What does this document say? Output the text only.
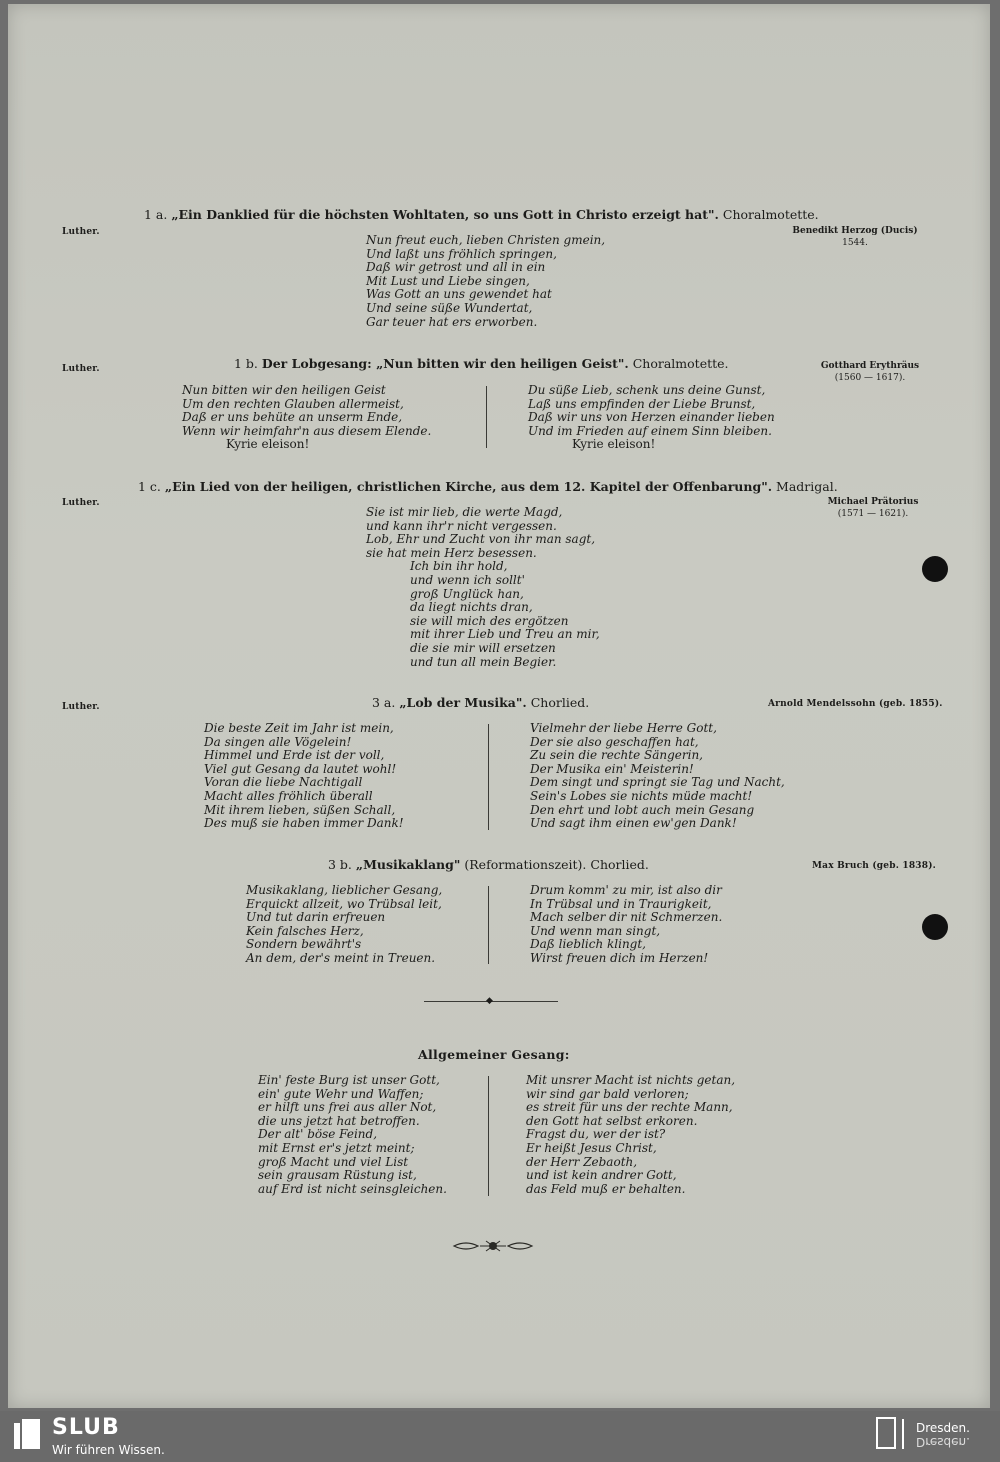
Luther.
1 a. „Ein Danklied für die höchsten Wohltaten, so uns Gott in Christo erzeigt hat". Choralmotette.
Benedikt Herzog (Ducis)
1544.
Nun freut euch, lieben Christen gmein,
Und laßt uns fröhlich springen,
Daß wir getrost und all in ein
Mit Lust und Liebe singen,
Was Gott an uns gewendet hat
Und seine süße Wundertat,
Gar teuer hat ers erworben.
Luther.	1 b. Der Lobgesang: „Nun bitten wir den heiligen Geist". Choralmotette.	Gotthard Erythräus
(1560 — 1617).
Nun bitten wir den heiligen Geist
Um den rechten Glauben allermeist,
Daß er uns behüte an unserm Ende,
Wenn wir heimfahr'n aus diesem Elende.
Kyrie eleison!
Du süße Lieb, schenk uns deine Gunst,
Laß uns empfinden der Liebe Brunst,
Daß wir uns von Herzen einander lieben
Und im Frieden auf einem Sinn bleiben.
Kyrie eleison!
Luther.
1 c. „Ein Lied von der heiligen, christlichen Kirche, aus dem 12. Kapitel der Offenbarung". Madrigal.
Michael Prätorius
(1571 — 1621).
Sie ist mir lieb, die werte Magd,
und kann ihr'r nicht vergessen.
Lob, Ehr und Zucht von ihr man sagt,
sie hat mein Herz besessen.
Ich bin ihr hold,
und wenn ich sollt'
groß Unglück han,
da liegt nichts dran,
sie will mich des ergötzen
mit ihrer Lieb und Treu an mir,
die sie mir will ersetzen
und tun all mein Begier.
Luther.	3 a. „Lob der Musika". Chorlied.	Arnold Mendelssohn (geb. 1855).
Die beste Zeit im Jahr ist mein,
Da singen alle Vögelein!
Himmel und Erde ist der voll,
Viel gut Gesang da lautet wohl!
Voran die liebe Nachtigall
Macht alles fröhlich überall
Mit ihrem lieben, süßen Schall,
Des muß sie haben immer Dank!
Vielmehr der liebe Herre Gott,
Der sie also geschaffen hat,
Zu sein die rechte Sängerin,
Der Musika ein' Meisterin!
Dem singt und springt sie Tag und Nacht,
Sein's Lobes sie nichts müde macht!
Den ehrt und lobt auch mein Gesang
Und sagt ihm einen ew'gen Dank!
3 b. „Musikaklang" (Reformationszeit). Chorlied.	Max Bruch (geb. 1838).
Musikaklang, lieblicher Gesang,
Erquickt allzeit, wo Trübsal leit,
Und tut darin erfreuen
Kein falsches Herz,
Sondern bewährt's
An dem, der's meint in Treuen.
Drum komm' zu mir, ist also dir
In Trübsal und in Traurigkeit,
Mach selber dir nit Schmerzen.
Und wenn man singt,
Daß lieblich klingt,
Wirst freuen dich im Herzen!
◆
Allgemeiner Gesang:
Ein' feste Burg ist unser Gott,
ein' gute Wehr und Waffen;
er hilft uns frei aus aller Not,
die uns jetzt hat betroffen.
Der alt' böse Feind,
mit Ernst er's jetzt meint;
groß Macht und viel List
sein grausam Rüstung ist,
auf Erd ist nicht seinsgleichen.
Mit unsrer Macht ist nichts getan,
wir sind gar bald verloren;
es streit für uns der rechte Mann,
den Gott hat selbst erkoren.
Fragst du, wer der ist?
Er heißt Jesus Christ,
der Herr Zebaoth,
und ist kein andrer Gott,
das Feld muß er behalten.
SLUB
Wir führen Wissen.
Dresden.
Dresden.
